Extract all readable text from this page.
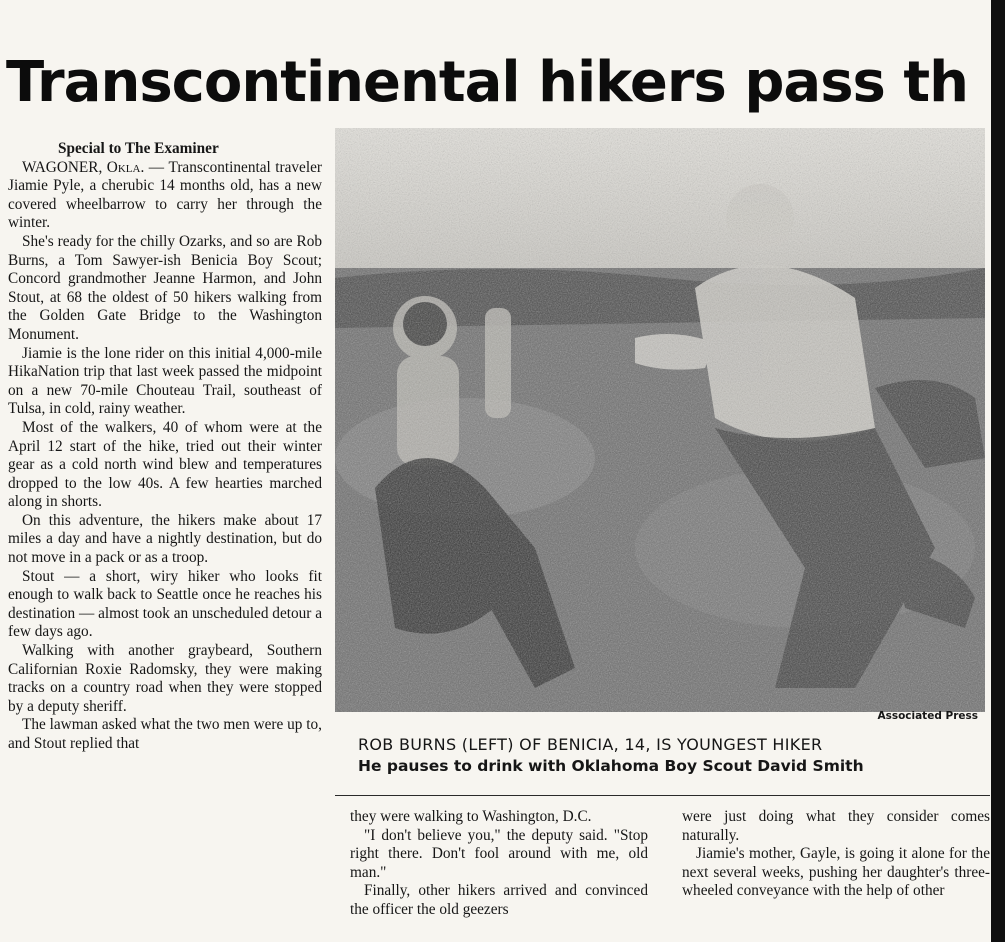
Transcontinental hikers pass th

Special to The Examiner

WAGONER, Okla. — Transcontinental traveler Jiamie Pyle, a cherubic 14 months old, has a new covered wheelbarrow to carry her through the winter.

She's ready for the chilly Ozarks, and so are Rob Burns, a Tom Sawyer-ish Benicia Boy Scout; Concord grandmother Jeanne Harmon, and John Stout, at 68 the oldest of 50 hikers walking from the Golden Gate Bridge to the Washington Monument.

Jiamie is the lone rider on this initial 4,000-mile HikaNation trip that last week passed the midpoint on a new 70-mile Chouteau Trail, southeast of Tulsa, in cold, rainy weather.

Most of the walkers, 40 of whom were at the April 12 start of the hike, tried out their winter gear as a cold north wind blew and temperatures dropped to the low 40s. A few hearties marched along in shorts.

On this adventure, the hikers make about 17 miles a day and have a nightly destination, but do not move in a pack or as a troop.

Stout — a short, wiry hiker who looks fit enough to walk back to Seattle once he reaches his destination — almost took an unscheduled detour a few days ago.

Walking with another graybeard, Southern Californian Roxie Radomsky, they were making tracks on a country road when they were stopped by a deputy sheriff.

The lawman asked what the two men were up to, and Stout replied that

Associated Press
ROB BURNS (LEFT) OF BENICIA, 14, IS YOUNGEST HIKER
He pauses to drink with Oklahoma Boy Scout David Smith

they were walking to Washington, D.C.

"I don't believe you," the deputy said. "Stop right there. Don't fool around with me, old man."

Finally, other hikers arrived and convinced the officer the old geezers

were just doing what they consider comes naturally.

Jiamie's mother, Gayle, is going it alone for the next several weeks, pushing her daughter's three-wheeled conveyance with the help of other
